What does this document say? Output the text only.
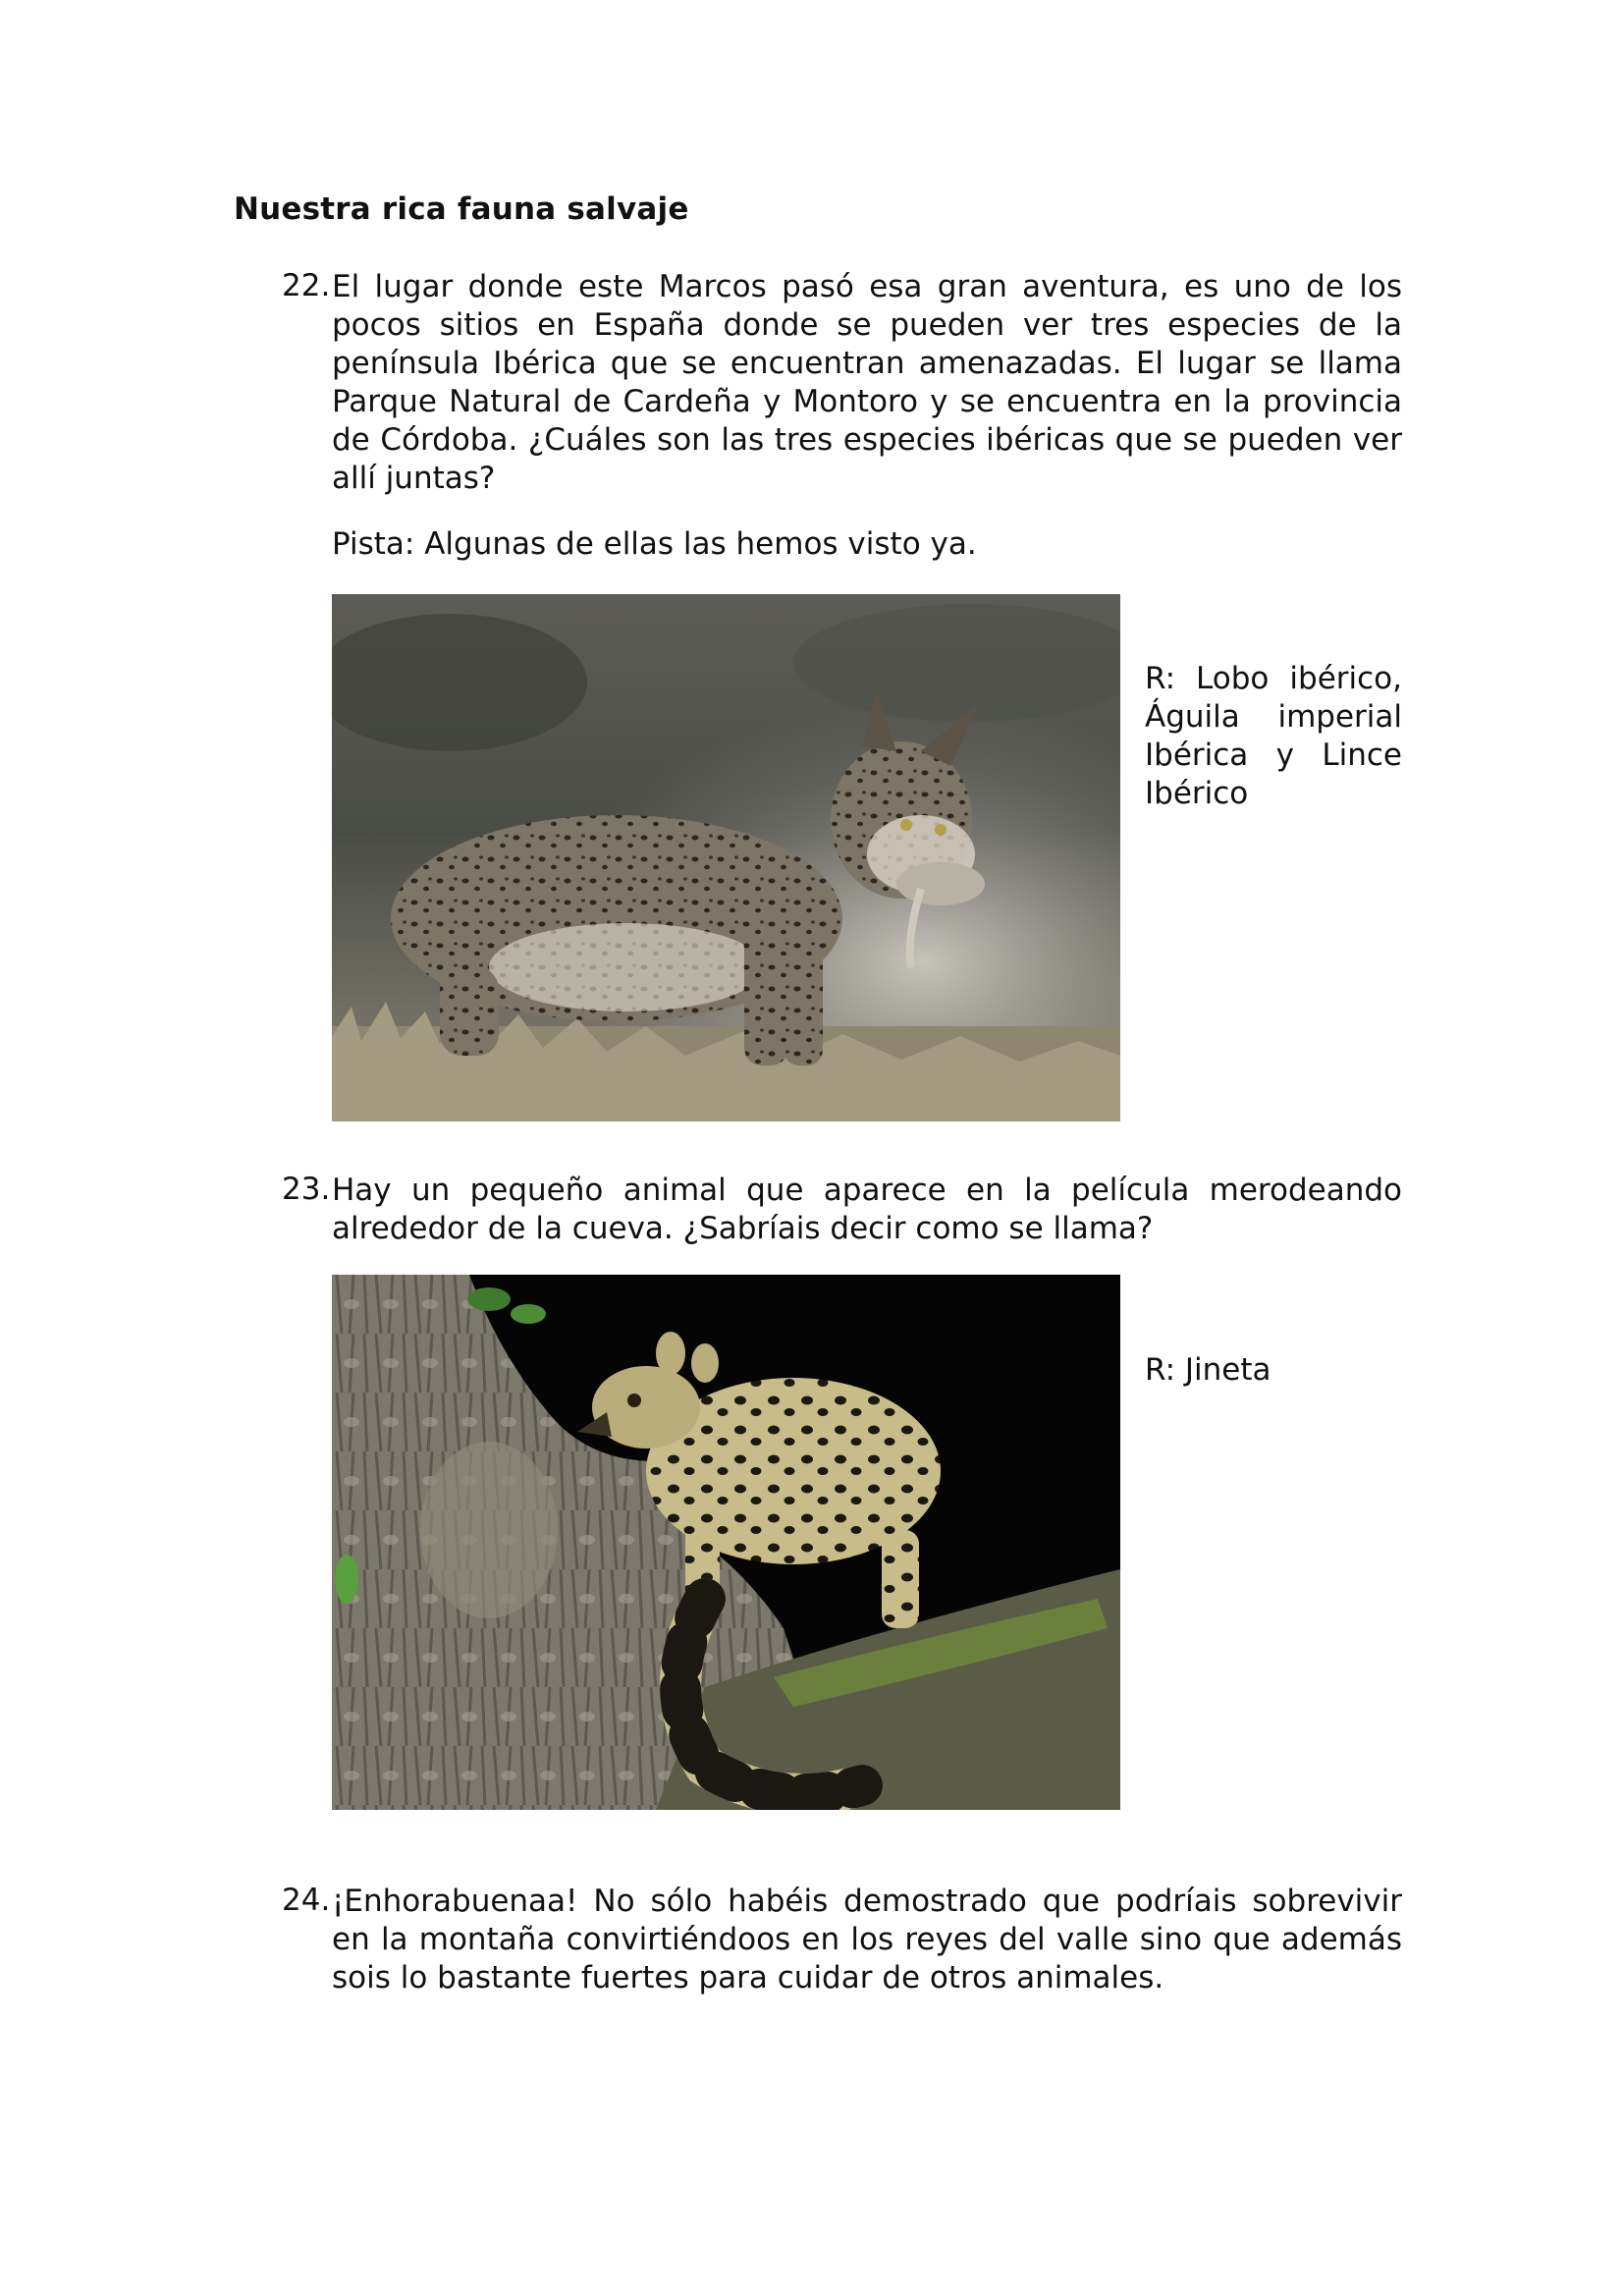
Nuestra rica fauna salvaje
22. El lugar donde este Marcos pasó esa gran aventura, es uno de los pocos sitios en España donde se pueden ver tres especies de la península Ibérica que se encuentran amenazadas. El lugar se llama Parque Natural de Cardeña y Montoro y se encuentra en la provincia de Córdoba. ¿Cuáles son las tres especies ibéricas que se pueden ver allí juntas?
Pista: Algunas de ellas las hemos visto ya.
R: Lobo ibérico, Águila imperial Ibérica y Lince Ibérico
23. Hay un pequeño animal que aparece en la película merodeando alrededor de la cueva. ¿Sabríais decir como se llama?
R: Jineta
24. ¡Enhorabuenaa! No sólo habéis demostrado que podríais sobrevivir en la montaña convirtiéndoos en los reyes del valle sino que además sois lo bastante fuertes para cuidar de otros animales.
